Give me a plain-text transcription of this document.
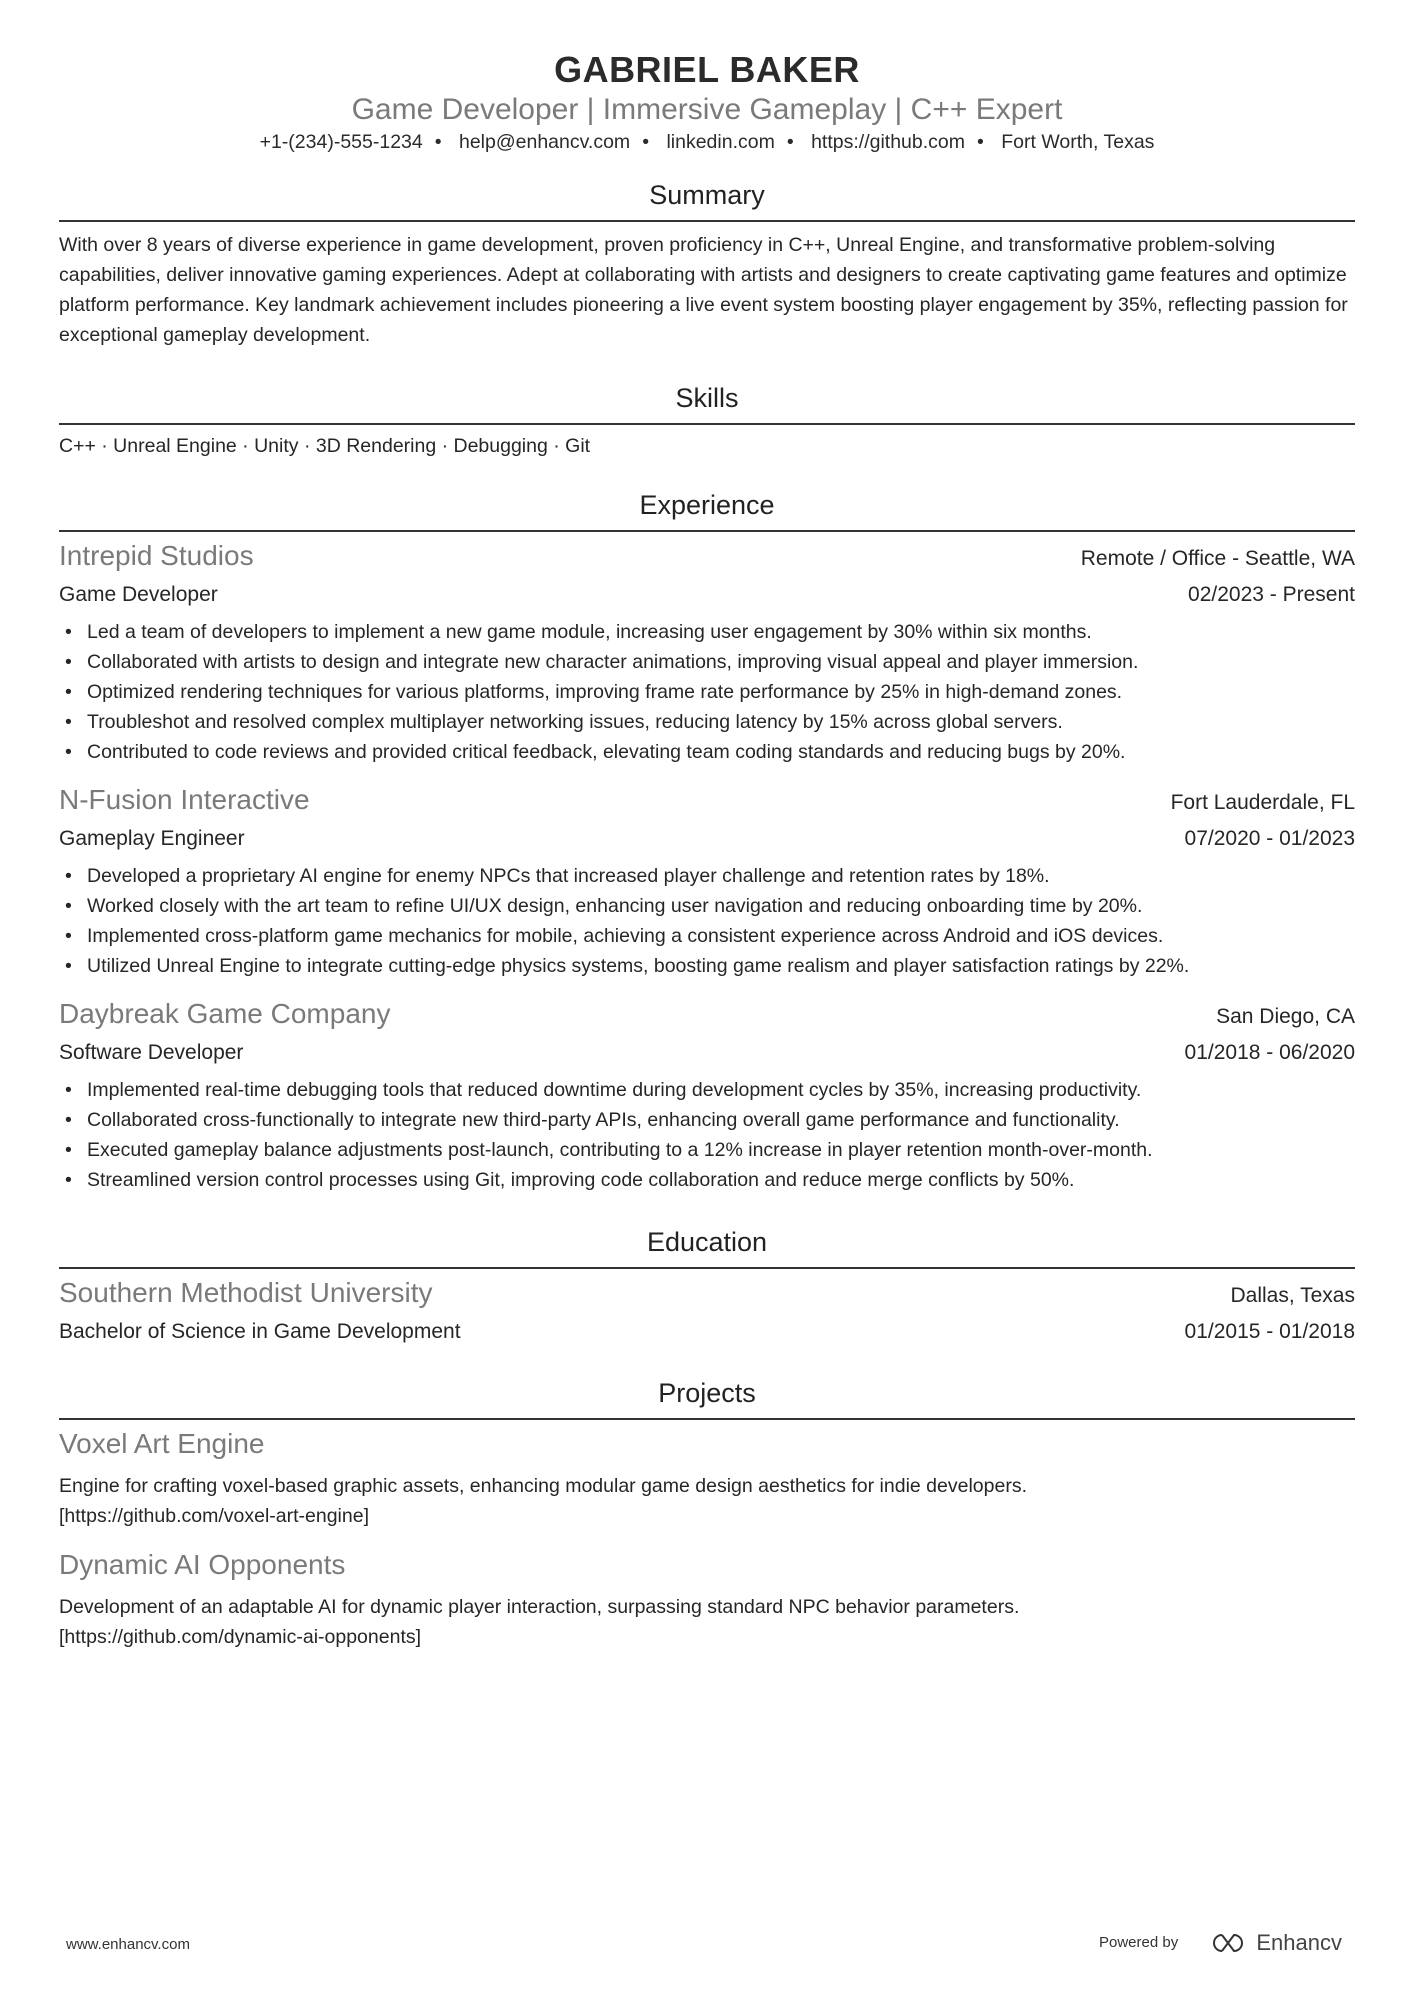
GABRIEL BAKER
Game Developer | Immersive Gameplay | C++ Expert
+1-(234)-555-1234 • help@enhancv.com • linkedin.com • https://github.com • Fort Worth, Texas
Summary
With over 8 years of diverse experience in game development, proven proficiency in C++, Unreal Engine, and transformative problem-solving capabilities, deliver innovative gaming experiences. Adept at collaborating with artists and designers to create captivating game features and optimize platform performance. Key landmark achievement includes pioneering a live event system boosting player engagement by 35%, reflecting passion for exceptional gameplay development.
Skills
C++ · Unreal Engine · Unity · 3D Rendering · Debugging · Git
Experience
Intrepid Studios	Remote / Office - Seattle, WA
Game Developer	02/2023 - Present
• Led a team of developers to implement a new game module, increasing user engagement by 30% within six months.
• Collaborated with artists to design and integrate new character animations, improving visual appeal and player immersion.
• Optimized rendering techniques for various platforms, improving frame rate performance by 25% in high-demand zones.
• Troubleshot and resolved complex multiplayer networking issues, reducing latency by 15% across global servers.
• Contributed to code reviews and provided critical feedback, elevating team coding standards and reducing bugs by 20%.
N-Fusion Interactive	Fort Lauderdale, FL
Gameplay Engineer	07/2020 - 01/2023
• Developed a proprietary AI engine for enemy NPCs that increased player challenge and retention rates by 18%.
• Worked closely with the art team to refine UI/UX design, enhancing user navigation and reducing onboarding time by 20%.
• Implemented cross-platform game mechanics for mobile, achieving a consistent experience across Android and iOS devices.
• Utilized Unreal Engine to integrate cutting-edge physics systems, boosting game realism and player satisfaction ratings by 22%.
Daybreak Game Company	San Diego, CA
Software Developer	01/2018 - 06/2020
• Implemented real-time debugging tools that reduced downtime during development cycles by 35%, increasing productivity.
• Collaborated cross-functionally to integrate new third-party APIs, enhancing overall game performance and functionality.
• Executed gameplay balance adjustments post-launch, contributing to a 12% increase in player retention month-over-month.
• Streamlined version control processes using Git, improving code collaboration and reduce merge conflicts by 50%.
Education
Southern Methodist University	Dallas, Texas
Bachelor of Science in Game Development	01/2015 - 01/2018
Projects
Voxel Art Engine
Engine for crafting voxel-based graphic assets, enhancing modular game design aesthetics for indie developers.
[https://github.com/voxel-art-engine]
Dynamic AI Opponents
Development of an adaptable AI for dynamic player interaction, surpassing standard NPC behavior parameters.
[https://github.com/dynamic-ai-opponents]
www.enhancv.com	Powered by	Enhancv
